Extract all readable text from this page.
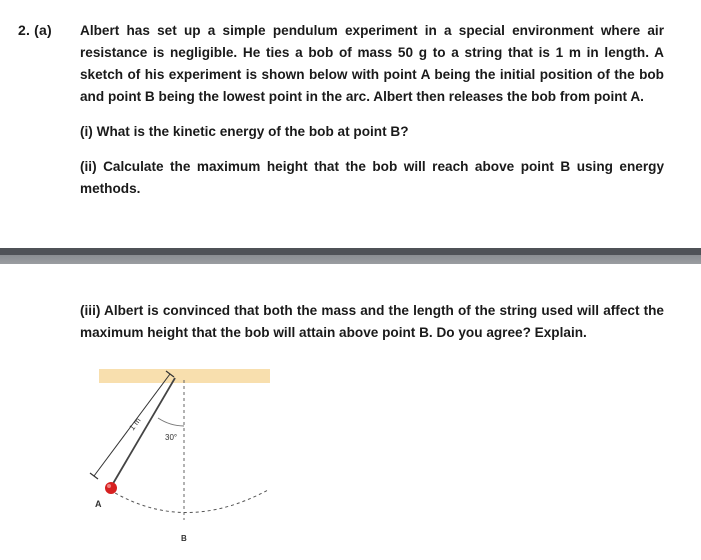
2. (a) Albert has set up a simple pendulum experiment in a special environment where air resistance is negligible. He ties a bob of mass 50 g to a string that is 1 m in length. A sketch of his experiment is shown below with point A being the initial position of the bob and point B being the lowest point in the arc. Albert then releases the bob from point A.

(i) What is the kinetic energy of the bob at point B?

(ii) Calculate the maximum height that the bob will reach above point B using energy methods.

(iii) Albert is convinced that both the mass and the length of the string used will affect the maximum height that the bob will attain above point B. Do you agree? Explain.

1 m
30°
A
B
